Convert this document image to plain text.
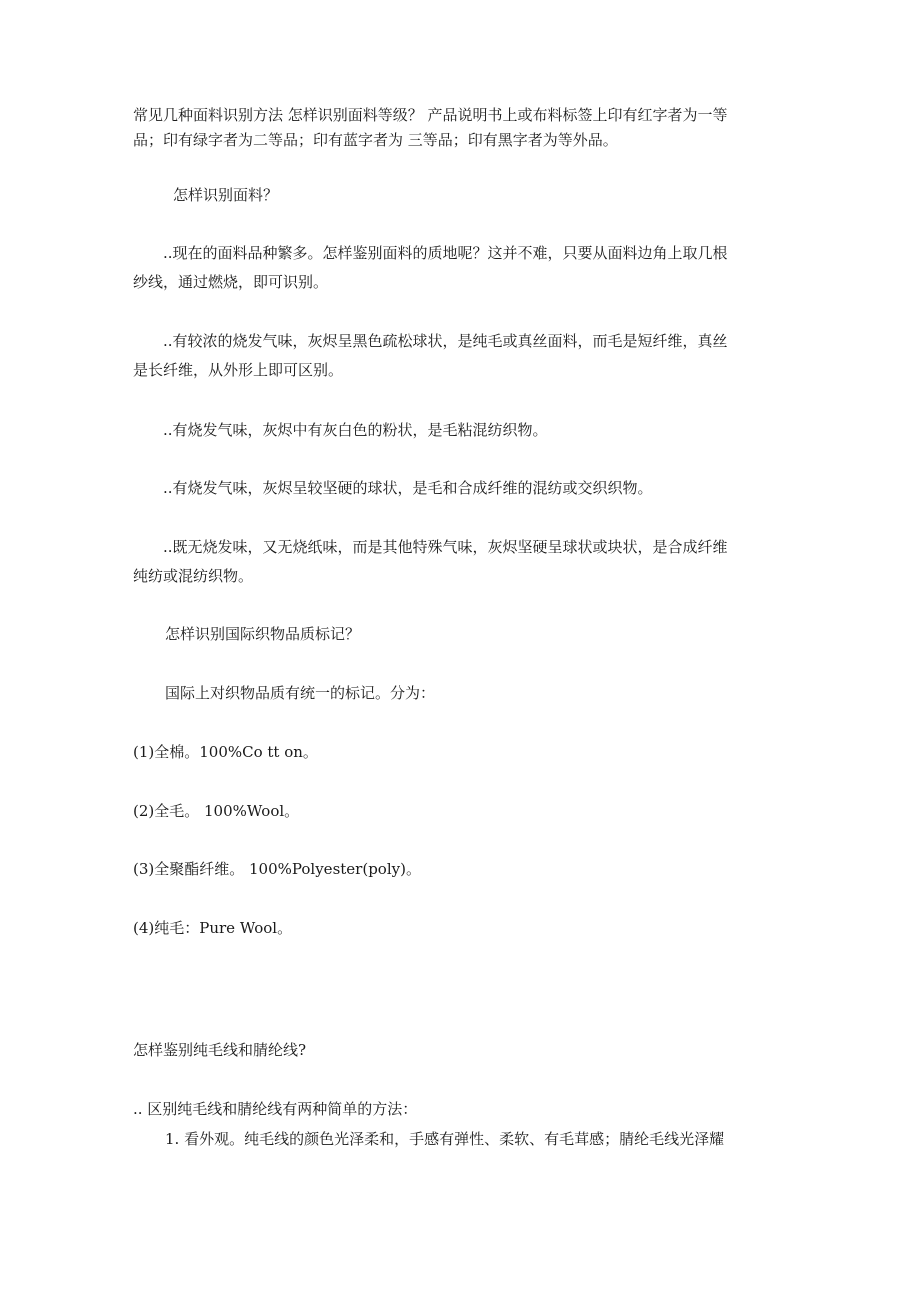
常见几种面料识别方法 怎样识别面料等级？ 产品说明书上或布料标签上印有红字者为一等

品；印有绿字者为二等品；印有蓝字者为 三等品；印有黑字者为等外品。

怎样识别面料？

..现在的面料品种繁多。怎样鉴别面料的质地呢？这并不难，只要从面料边角上取几根

纱线，通过燃烧，即可识别。

..有较浓的烧发气味，灰烬呈黑色疏松球状，是纯毛或真丝面料，而毛是短纤维，真丝

是长纤维，从外形上即可区别。

..有烧发气味，灰烬中有灰白色的粉状，是毛粘混纺织物。

..有烧发气味，灰烬呈较坚硬的球状，是毛和合成纤维的混纺或交织织物。

..既无烧发味，又无烧纸味，而是其他特殊气味，灰烬坚硬呈球状或块状，是合成纤维

纯纺或混纺织物。

怎样识别国际织物品质标记？

国际上对织物品质有统一的标记。分为：

(1)全棉。100%Co tt on。

(2)全毛。 100%Wool。

(3)全聚酯纤维。 100%Polyester(poly)。

(4)纯毛：Pure Wool。

怎样鉴别纯毛线和腈纶线?

.. 区别纯毛线和腈纶线有两种简单的方法：

1. 看外观。纯毛线的颜色光泽柔和，手感有弹性、柔软、有毛茸感；腈纶毛线光泽耀
